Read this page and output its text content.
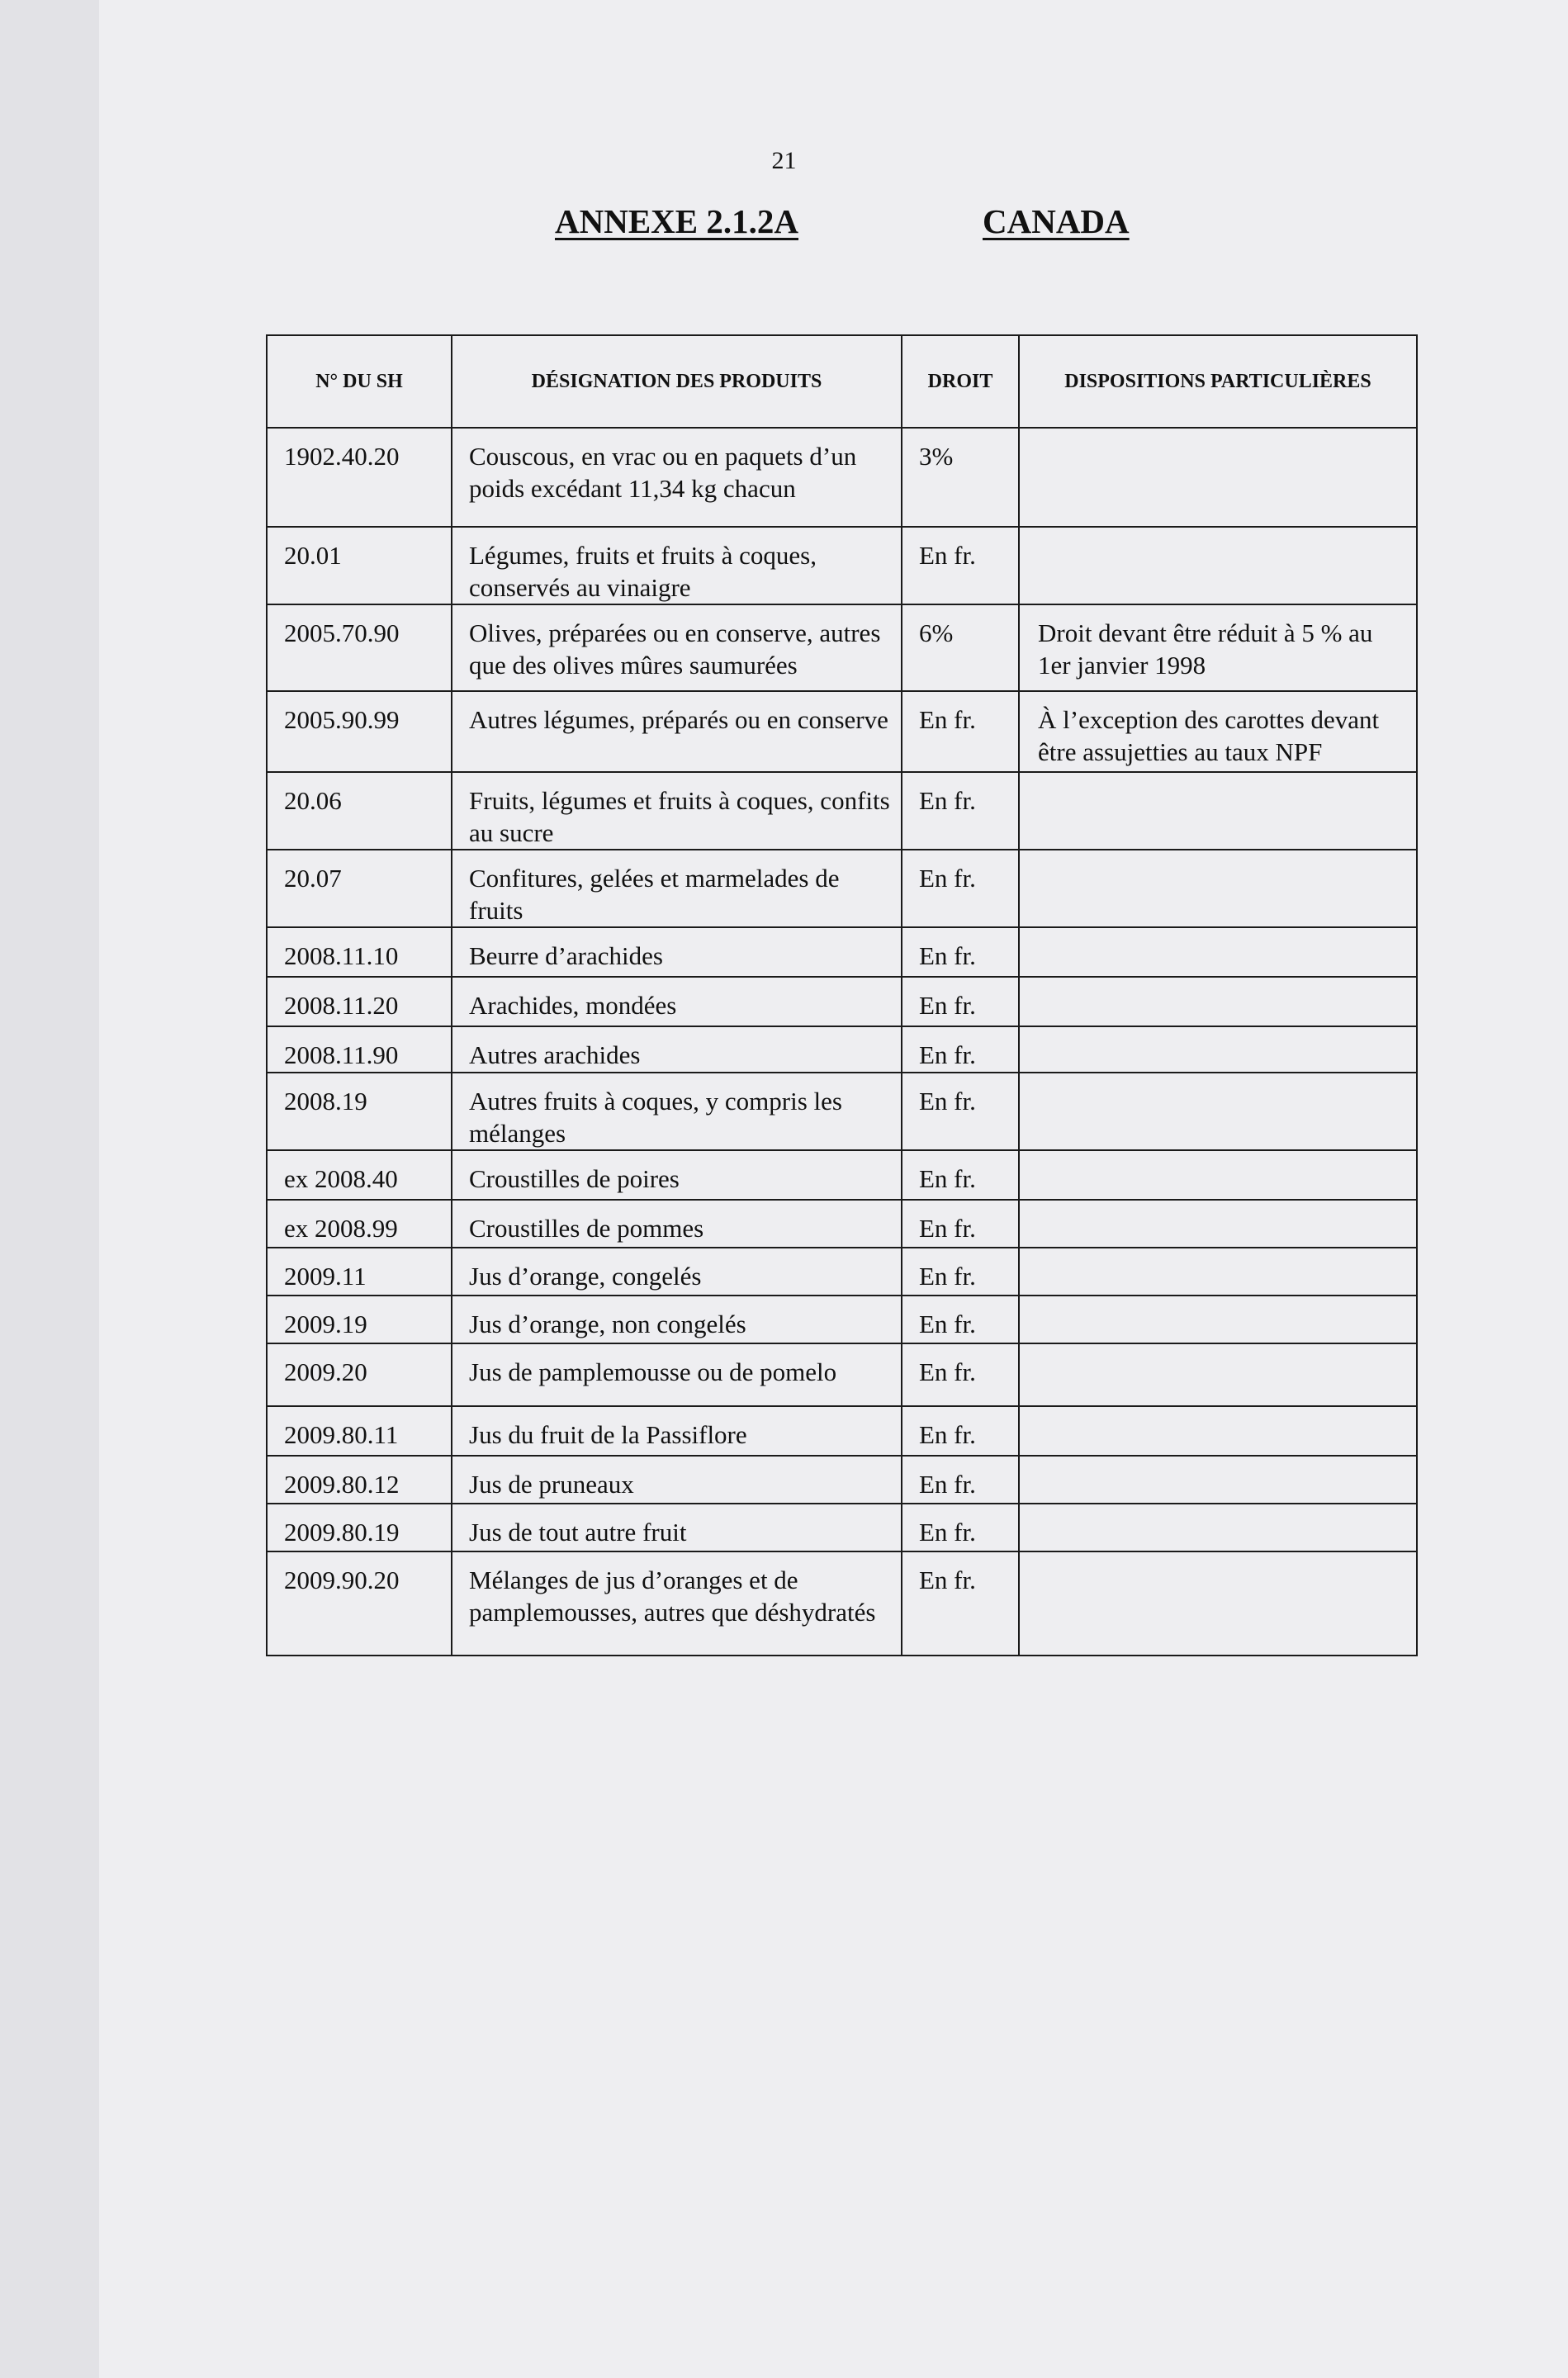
21
ANNEXE 2.1.2A	CANADA
N° DU SH	DÉSIGNATION DES PRODUITS	DROIT	DISPOSITIONS PARTICULIÈRES
1902.40.20	Couscous, en vrac ou en paquets d’un poids excédant 11,34 kg chacun	3%	
20.01	Légumes, fruits et fruits à coques, conservés au vinaigre	En fr.	
2005.70.90	Olives, préparées ou en conserve, autres que des olives mûres saumurées	6%	Droit devant être réduit à 5 % au 1er janvier 1998
2005.90.99	Autres légumes, préparés ou en conserve	En fr.	À l’exception des carottes devant être assujetties au taux NPF
20.06	Fruits, légumes et fruits à coques, confits au sucre	En fr.	
20.07	Confitures, gelées et marmelades de fruits	En fr.	
2008.11.10	Beurre d’arachides	En fr.	
2008.11.20	Arachides, mondées	En fr.	
2008.11.90	Autres arachides	En fr.	
2008.19	Autres fruits à coques, y compris les mélanges	En fr.	
ex 2008.40	Croustilles de poires	En fr.	
ex 2008.99	Croustilles de pommes	En fr.	
2009.11	Jus d’orange, congelés	En fr.	
2009.19	Jus d’orange, non congelés	En fr.	
2009.20	Jus de pamplemousse ou de pomelo	En fr.	
2009.80.11	Jus du fruit de la Passiflore	En fr.	
2009.80.12	Jus de pruneaux	En fr.	
2009.80.19	Jus de tout autre fruit	En fr.	
2009.90.20	Mélanges de jus d’oranges et de pamplemousses, autres que déshydratés	En fr.	
